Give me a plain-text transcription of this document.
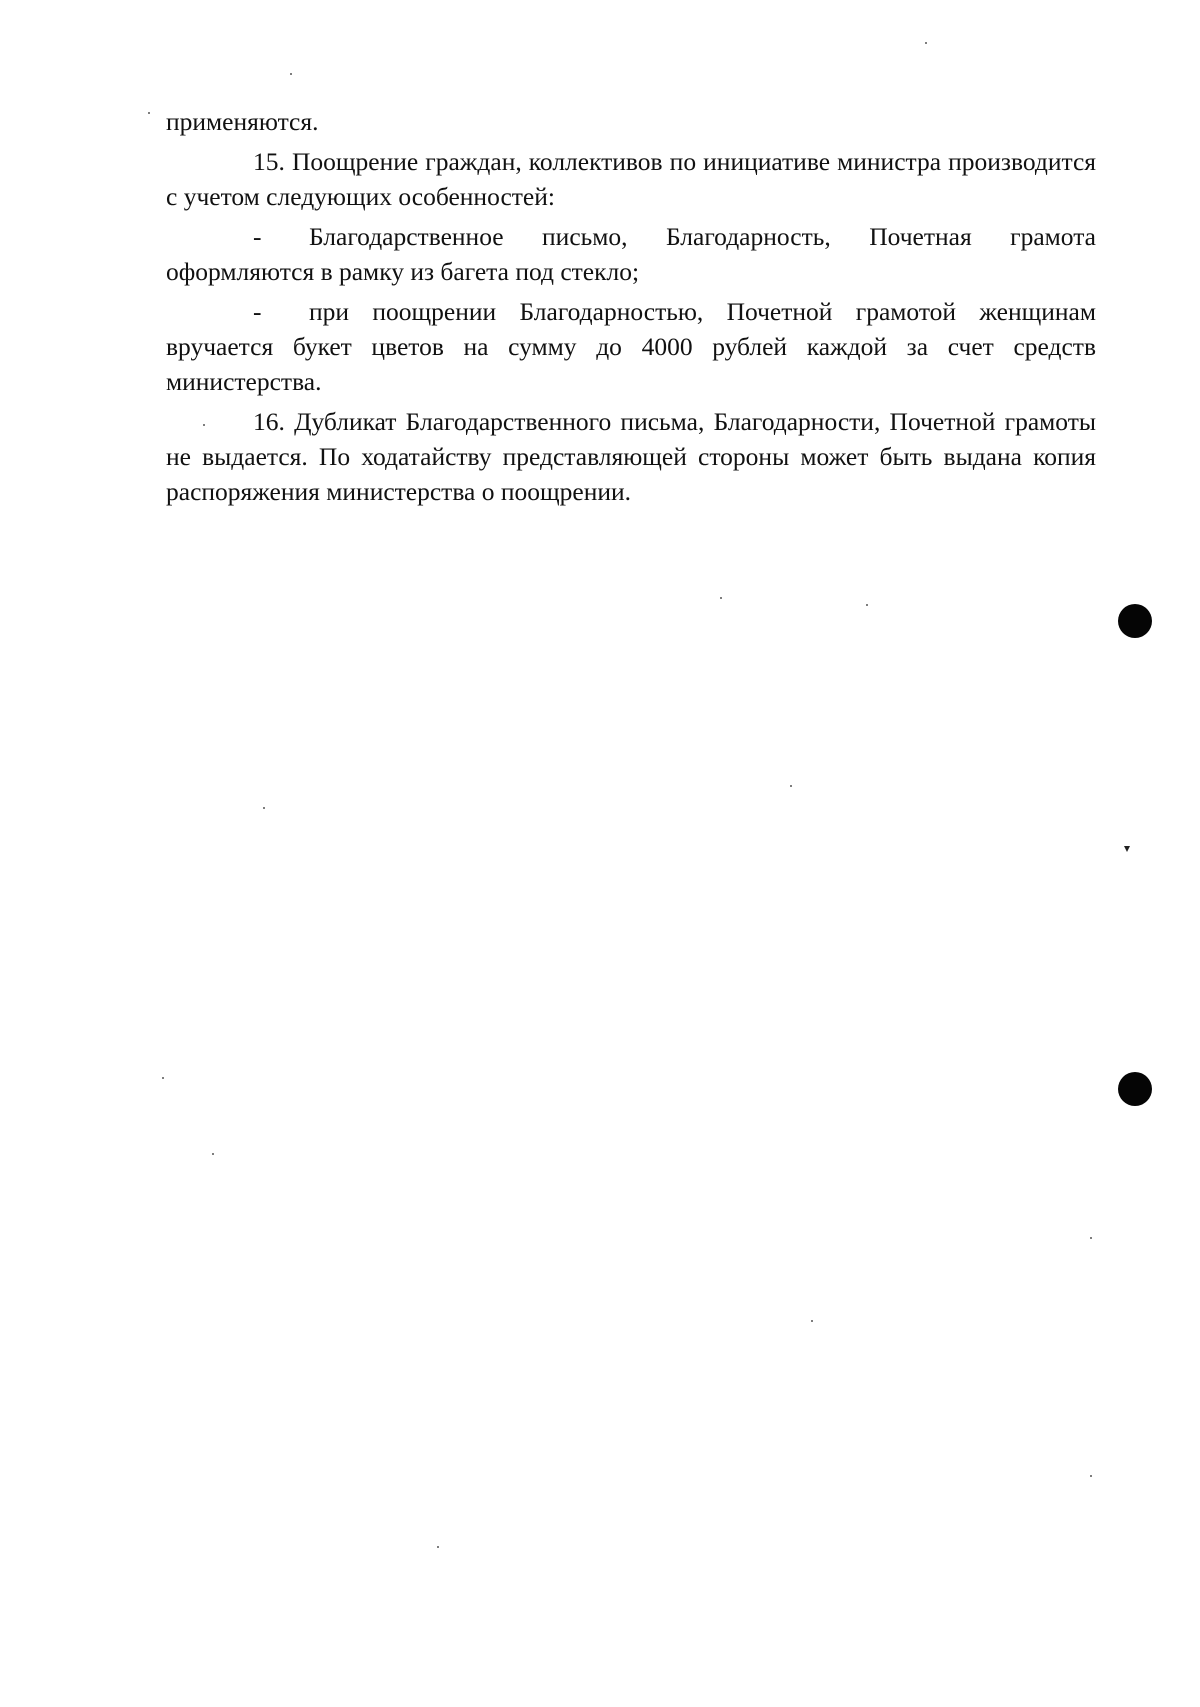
применяются.

15. Поощрение граждан, коллективов по инициативе министра производится с учетом следующих особенностей:

- Благодарственное письмо, Благодарность, Почетная грамота оформляются в рамку из багета под стекло;
- при поощрении Благодарностью, Почетной грамотой женщинам вручается букет цветов на сумму до 4000 рублей каждой за счет средств министерства.

16. Дубликат Благодарственного письма, Благодарности, Почетной грамоты не выдается. По ходатайству представляющей стороны может быть выдана копия распоряжения министерства о поощрении.
